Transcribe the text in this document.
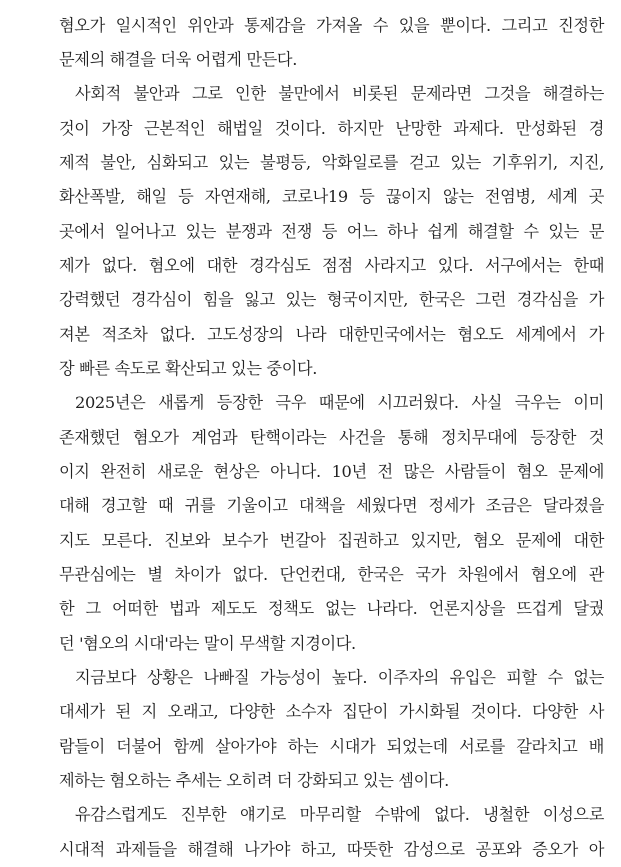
혐오가 일시적인 위안과 통제감을 가져올 수 있을 뿐이다. 그리고 진정한
문제의 해결을 더욱 어렵게 만든다.
사회적 불안과 그로 인한 불만에서 비롯된 문제라면 그것을 해결하는
것이 가장 근본적인 해법일 것이다. 하지만 난망한 과제다. 만성화된 경
제적 불안, 심화되고 있는 불평등, 악화일로를 걷고 있는 기후위기, 지진,
화산폭발, 해일 등 자연재해, 코로나19 등 끊이지 않는 전염병, 세계 곳
곳에서 일어나고 있는 분쟁과 전쟁 등 어느 하나 쉽게 해결할 수 있는 문
제가 없다. 혐오에 대한 경각심도 점점 사라지고 있다. 서구에서는 한때
강력했던 경각심이 힘을 잃고 있는 형국이지만, 한국은 그런 경각심을 가
져본 적조차 없다. 고도성장의 나라 대한민국에서는 혐오도 세계에서 가
장 빠른 속도로 확산되고 있는 중이다.
2025년은 새롭게 등장한 극우 때문에 시끄러웠다. 사실 극우는 이미
존재했던 혐오가 계엄과 탄핵이라는 사건을 통해 정치무대에 등장한 것
이지 완전히 새로운 현상은 아니다. 10년 전 많은 사람들이 혐오 문제에
대해 경고할 때 귀를 기울이고 대책을 세웠다면 정세가 조금은 달라졌을
지도 모른다. 진보와 보수가 번갈아 집권하고 있지만, 혐오 문제에 대한
무관심에는 별 차이가 없다. 단언컨대, 한국은 국가 차원에서 혐오에 관
한 그 어떠한 법과 제도도 정책도 없는 나라다. 언론지상을 뜨겁게 달궜
던 '혐오의 시대'라는 말이 무색할 지경이다.
지금보다 상황은 나빠질 가능성이 높다. 이주자의 유입은 피할 수 없는
대세가 된 지 오래고, 다양한 소수자 집단이 가시화될 것이다. 다양한 사
람들이 더불어 함께 살아가야 하는 시대가 되었는데 서로를 갈라치고 배
제하는 혐오하는 추세는 오히려 더 강화되고 있는 셈이다.
유감스럽게도 진부한 얘기로 마무리할 수밖에 없다. 냉철한 이성으로
시대적 과제들을 해결해 나가야 하고, 따뜻한 감성으로 공포와 증오가 아
